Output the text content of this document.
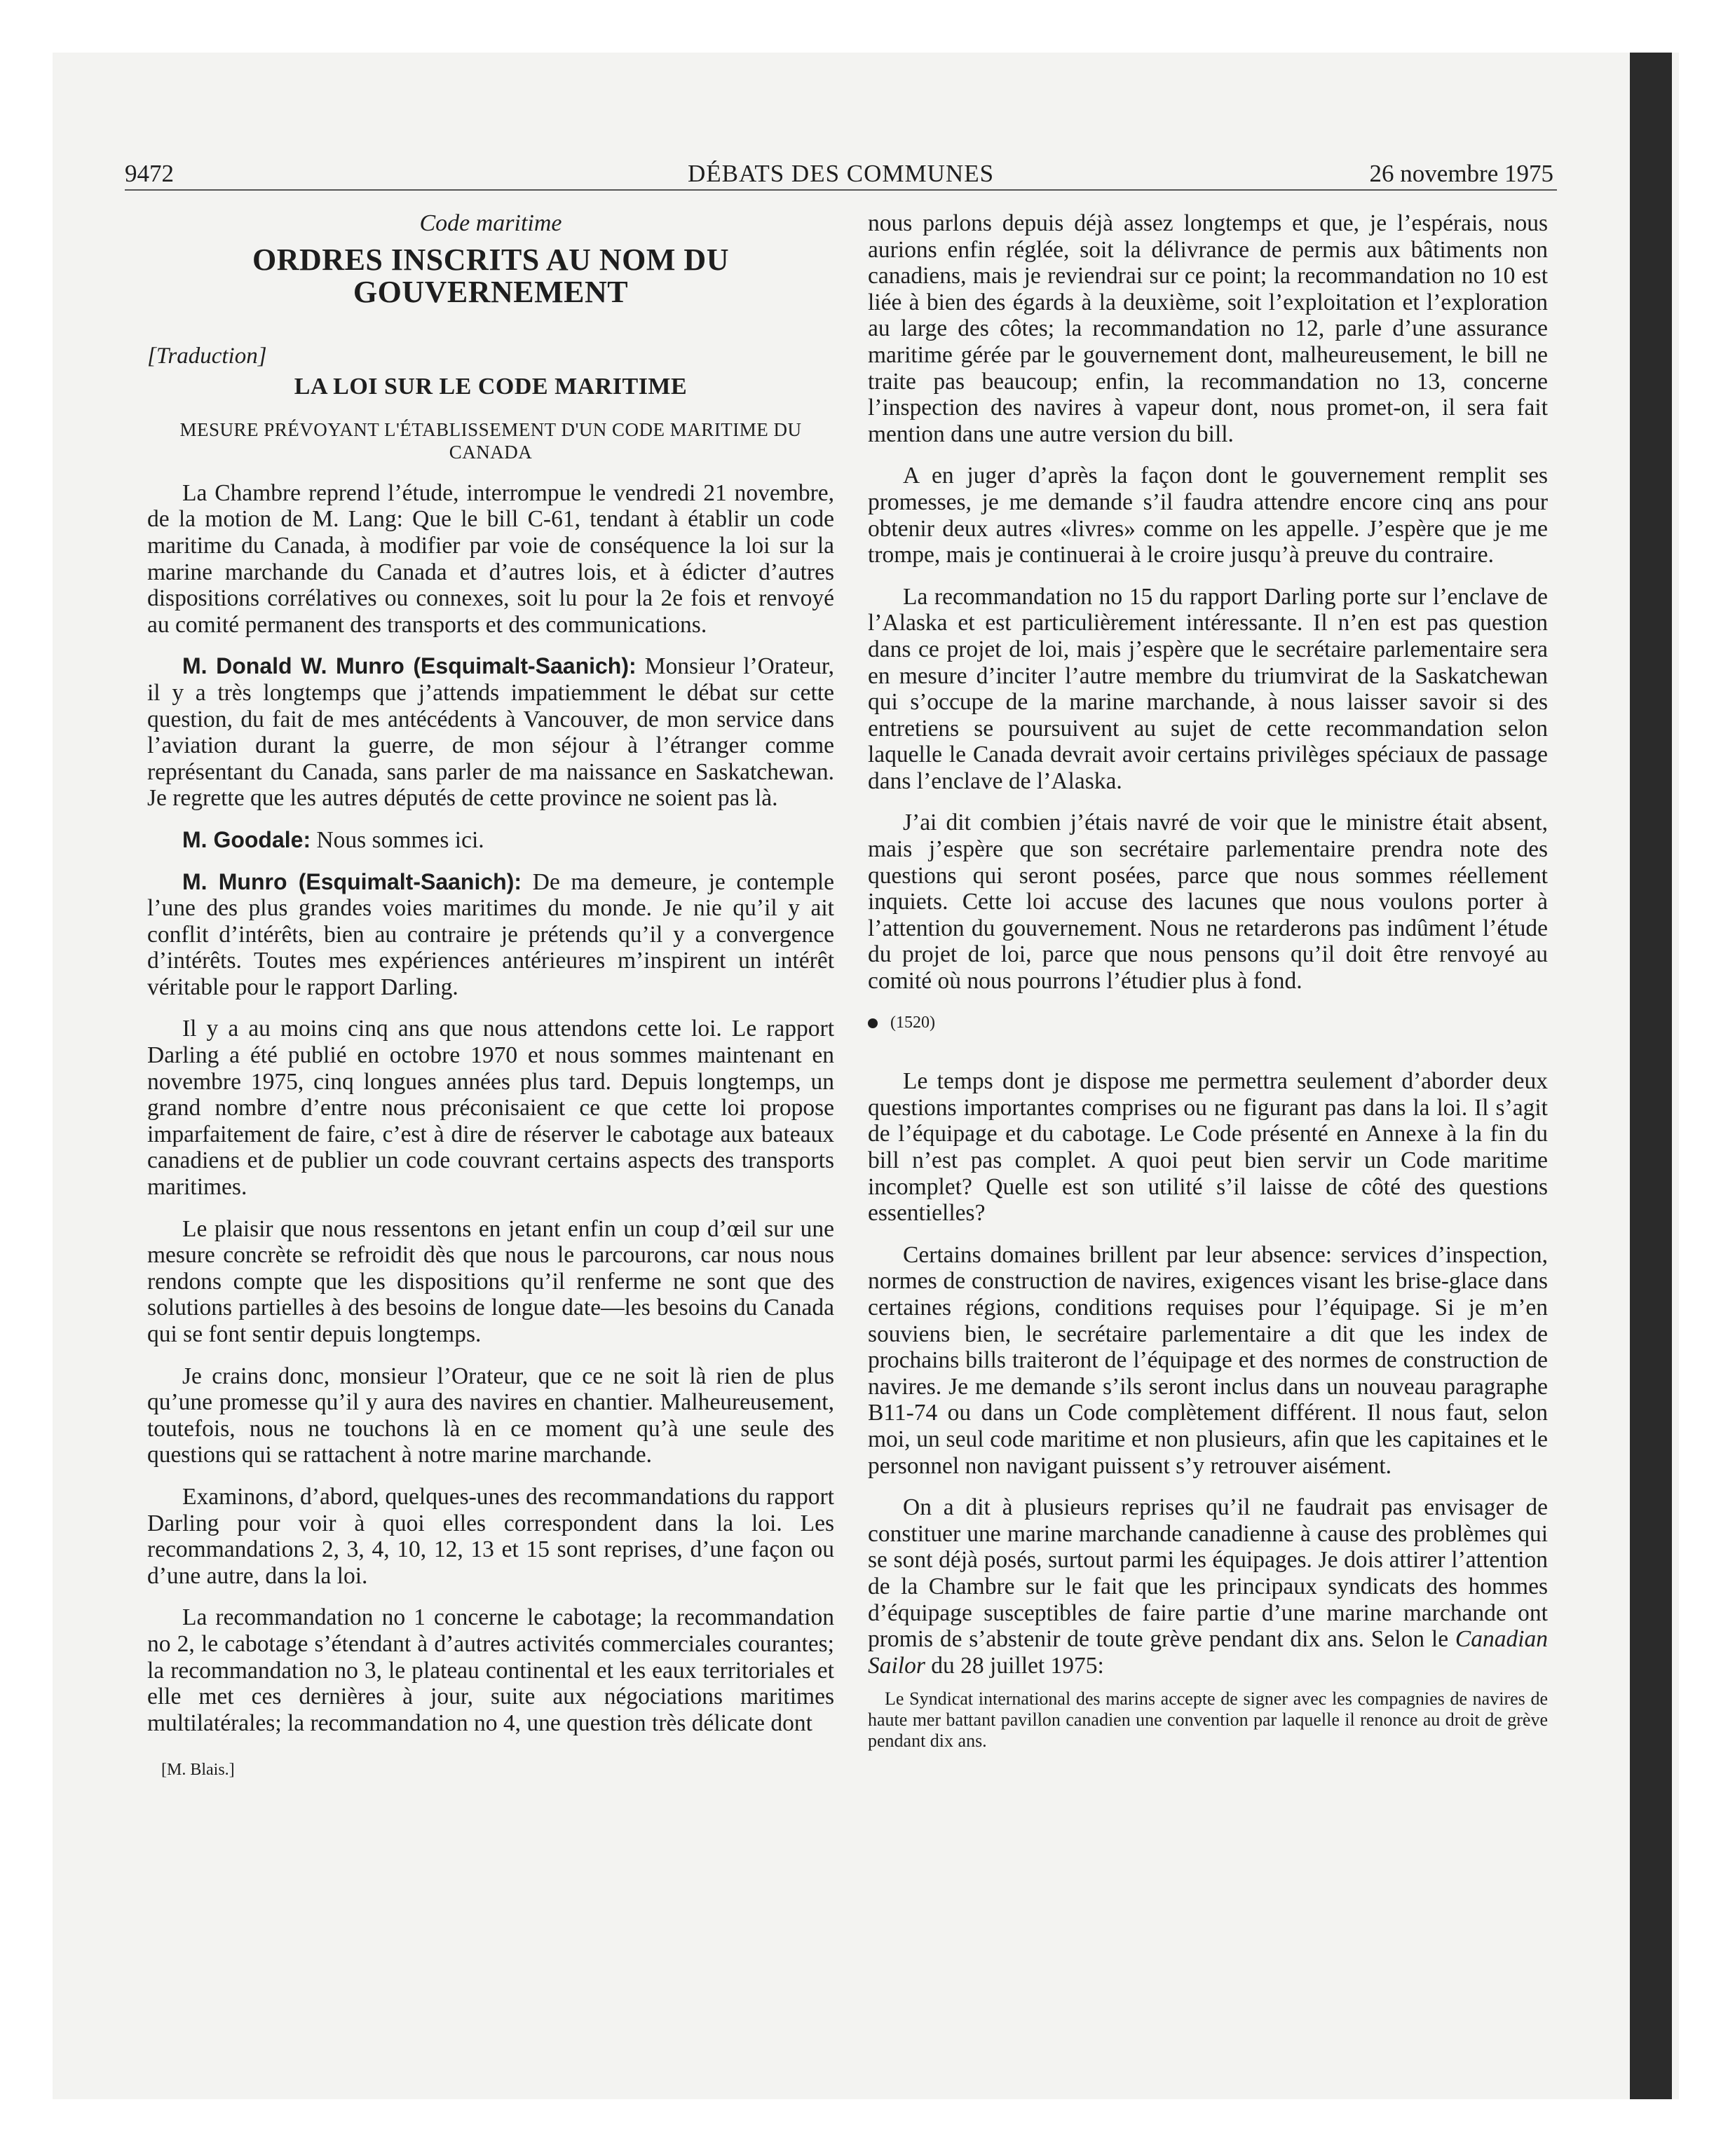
9472	DÉBATS DES COMMUNES	26 novembre 1975

Code maritime

ORDRES INSCRITS AU NOM DU GOUVERNEMENT

[Traduction]

LA LOI SUR LE CODE MARITIME

MESURE PRÉVOYANT L'ÉTABLISSEMENT D'UN CODE MARITIME DU CANADA

La Chambre reprend l’étude, interrompue le vendredi 21 novembre, de la motion de M. Lang: Que le bill C-61, tendant à établir un code maritime du Canada, à modifier par voie de conséquence la loi sur la marine marchande du Canada et d’autres lois, et à édicter d’autres dispositions corrélatives ou connexes, soit lu pour la 2e fois et renvoyé au comité permanent des transports et des communications.

M. Donald W. Munro (Esquimalt-Saanich): Monsieur l’Orateur, il y a très longtemps que j’attends impatiemment le débat sur cette question, du fait de mes antécédents à Vancouver, de mon service dans l’aviation durant la guerre, de mon séjour à l’étranger comme représentant du Canada, sans parler de ma naissance en Saskatchewan. Je regrette que les autres députés de cette province ne soient pas là.

M. Goodale: Nous sommes ici.

M. Munro (Esquimalt-Saanich): De ma demeure, je contemple l’une des plus grandes voies maritimes du monde. Je nie qu’il y ait conflit d’intérêts, bien au contraire je prétends qu’il y a convergence d’intérêts. Toutes mes expériences antérieures m’inspirent un intérêt véritable pour le rapport Darling.

Il y a au moins cinq ans que nous attendons cette loi. Le rapport Darling a été publié en octobre 1970 et nous sommes maintenant en novembre 1975, cinq longues années plus tard. Depuis longtemps, un grand nombre d’entre nous préconisaient ce que cette loi propose imparfaitement de faire, c’est à dire de réserver le cabotage aux bateaux canadiens et de publier un code couvrant certains aspects des transports maritimes.

Le plaisir que nous ressentons en jetant enfin un coup d’œil sur une mesure concrète se refroidit dès que nous le parcourons, car nous nous rendons compte que les dispositions qu’il renferme ne sont que des solutions partielles à des besoins de longue date—les besoins du Canada qui se font sentir depuis longtemps.

Je crains donc, monsieur l’Orateur, que ce ne soit là rien de plus qu’une promesse qu’il y aura des navires en chantier. Malheureusement, toutefois, nous ne touchons là en ce moment qu’à une seule des questions qui se rattachent à notre marine marchande.

Examinons, d’abord, quelques-unes des recommandations du rapport Darling pour voir à quoi elles correspondent dans la loi. Les recommandations 2, 3, 4, 10, 12, 13 et 15 sont reprises, d’une façon ou d’une autre, dans la loi.

La recommandation no 1 concerne le cabotage; la recommandation no 2, le cabotage s’étendant à d’autres activités commerciales courantes; la recommandation no 3, le plateau continental et les eaux territoriales et elle met ces dernières à jour, suite aux négociations maritimes multilatérales; la recommandation no 4, une question très délicate dont

[M. Blais.]

nous parlons depuis déjà assez longtemps et que, je l’espérais, nous aurions enfin réglée, soit la délivrance de permis aux bâtiments non canadiens, mais je reviendrai sur ce point; la recommandation no 10 est liée à bien des égards à la deuxième, soit l’exploitation et l’exploration au large des côtes; la recommandation no 12, parle d’une assurance maritime gérée par le gouvernement dont, malheureusement, le bill ne traite pas beaucoup; enfin, la recommandation no 13, concerne l’inspection des navires à vapeur dont, nous promet-on, il sera fait mention dans une autre version du bill.

A en juger d’après la façon dont le gouvernement remplit ses promesses, je me demande s’il faudra attendre encore cinq ans pour obtenir deux autres «livres» comme on les appelle. J’espère que je me trompe, mais je continuerai à le croire jusqu’à preuve du contraire.

La recommandation no 15 du rapport Darling porte sur l’enclave de l’Alaska et est particulièrement intéressante. Il n’en est pas question dans ce projet de loi, mais j’espère que le secrétaire parlementaire sera en mesure d’inciter l’autre membre du triumvirat de la Saskatchewan qui s’occupe de la marine marchande, à nous laisser savoir si des entretiens se poursuivent au sujet de cette recommandation selon laquelle le Canada devrait avoir certains privilèges spéciaux de passage dans l’enclave de l’Alaska.

J’ai dit combien j’étais navré de voir que le ministre était absent, mais j’espère que son secrétaire parlementaire prendra note des questions qui seront posées, parce que nous sommes réellement inquiets. Cette loi accuse des lacunes que nous voulons porter à l’attention du gouvernement. Nous ne retarderons pas indûment l’étude du projet de loi, parce que nous pensons qu’il doit être renvoyé au comité où nous pourrons l’étudier plus à fond.

(1520)

Le temps dont je dispose me permettra seulement d’aborder deux questions importantes comprises ou ne figurant pas dans la loi. Il s’agit de l’équipage et du cabotage. Le Code présenté en Annexe à la fin du bill n’est pas complet. A quoi peut bien servir un Code maritime incomplet? Quelle est son utilité s’il laisse de côté des questions essentielles?

Certains domaines brillent par leur absence: services d’inspection, normes de construction de navires, exigences visant les brise-glace dans certaines régions, conditions requises pour l’équipage. Si je m’en souviens bien, le secrétaire parlementaire a dit que les index de prochains bills traiteront de l’équipage et des normes de construction de navires. Je me demande s’ils seront inclus dans un nouveau paragraphe B11-74 ou dans un Code complètement différent. Il nous faut, selon moi, un seul code maritime et non plusieurs, afin que les capitaines et le personnel non navigant puissent s’y retrouver aisément.

On a dit à plusieurs reprises qu’il ne faudrait pas envisager de constituer une marine marchande canadienne à cause des problèmes qui se sont déjà posés, surtout parmi les équipages. Je dois attirer l’attention de la Chambre sur le fait que les principaux syndicats des hommes d’équipage susceptibles de faire partie d’une marine marchande ont promis de s’abstenir de toute grève pendant dix ans. Selon le Canadian Sailor du 28 juillet 1975:

Le Syndicat international des marins accepte de signer avec les compagnies de navires de haute mer battant pavillon canadien une convention par laquelle il renonce au droit de grève pendant dix ans.
